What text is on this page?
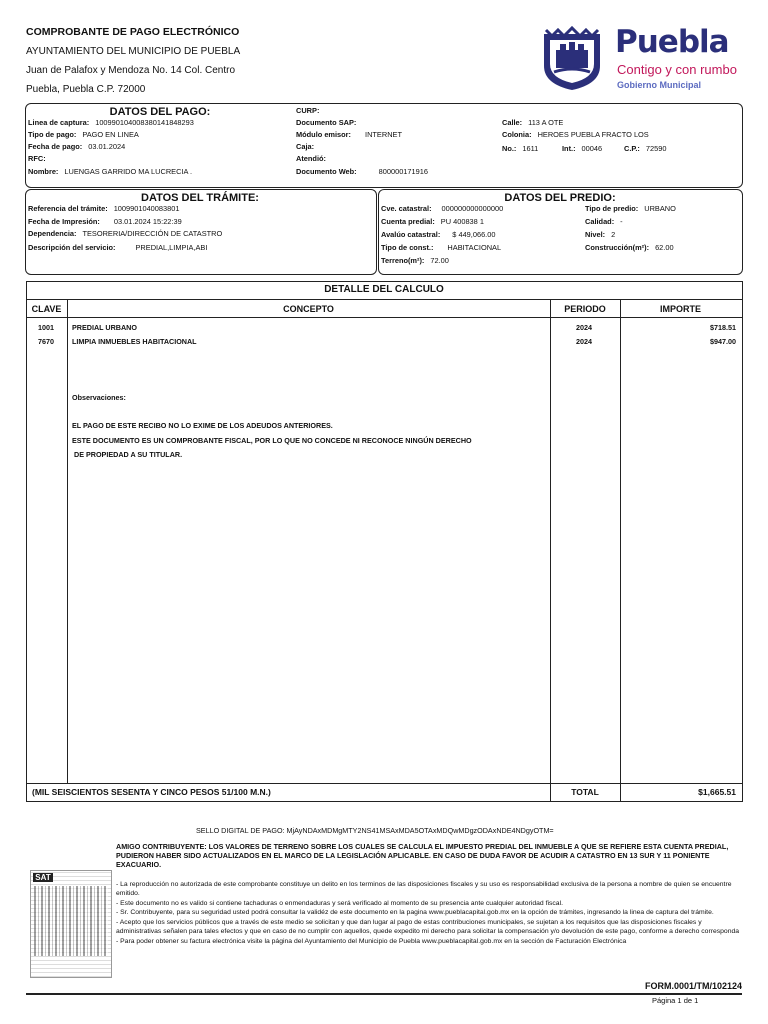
COMPROBANTE DE PAGO ELECTRÓNICO
AYUNTAMIENTO DEL MUNICIPIO DE PUEBLA
Juan de Palafox y Mendoza No. 14 Col. Centro
Puebla, Puebla C.P. 72000
Puebla
Contigo y con rumbo
Gobierno Municipal
DATOS DEL PAGO:
Linea de captura: 100990104008380141848293
Tipo de pago: PAGO EN LINEA
Fecha de pago: 03.01.2024
RFC:
Nombre: LUENGAS GARRIDO MA LUCRECIA .
CURP:
Documento SAP:
Módulo emisor: INTERNET
Caja:
Atendió:
Documento Web:	800000171916
Calle: 113 A OTE
Colonia: HEROES PUEBLA FRACTO LOS
No.: 1611	Int.: 00046	C.P.: 72590
DATOS DEL TRÁMITE:
Referencia del trámite: 1009901040083801
Fecha de Impresión: 03.01.2024 15:22:39
Dependencia: TESORERIA/DIRECCIÓN DE CATASTRO
Descripción del servicio:	PREDIAL,LIMPIA,ABI
DATOS DEL PREDIO:
Cve. catastral: 000000000000000
Cuenta predial: PU 400838 1
Avalúo catastral: $ 449,066.00
Tipo de const.: HABITACIONAL
Terreno(m²): 72.00
Tipo de predio: URBANO
Calidad: -
Nivel: 2
Construcción(m²): 62.00
DETALLE DEL CALCULO
CLAVE	CONCEPTO	PERIODO	IMPORTE
1001	PREDIAL URBANO	2024	$718.51
7670	LIMPIA INMUEBLES HABITACIONAL	2024	$947.00
Observaciones:
EL PAGO DE ESTE RECIBO NO LO EXIME DE LOS ADEUDOS ANTERIORES.
ESTE DOCUMENTO ES UN COMPROBANTE FISCAL, POR LO QUE NO CONCEDE NI RECONOCE NINGÚN DERECHO
DE PROPIEDAD A SU TITULAR.
(MIL SEISCIENTOS SESENTA Y CINCO PESOS 51/100 M.N.)	TOTAL	$1,665.51
SELLO DIGITAL DE PAGO: MjAyNDAxMDMgMTY2NS41MSAxMDA5OTAxMDQwMDgzODAxNDE4NDgyOTM=
AMIGO CONTRIBUYENTE: LOS VALORES DE TERRENO SOBRE LOS CUALES SE CALCULA EL IMPUESTO PREDIAL DEL INMUEBLE A QUE SE REFIERE ESTA CUENTA PREDIAL, PUDIERON HABER SIDO ACTUALIZADOS EN EL MARCO DE LA LEGISLACIÓN APLICABLE. EN CASO DE DUDA FAVOR DE ACUDIR A CATASTRO EN 13 SUR Y 11 PONIENTE EXACUARIO.
SAT

- La reproducción no autorizada de este comprobante constituye un delito en los terminos de las disposiciones fiscales y su uso es responsabilidad exclusiva de la persona a nombre de quien se encuentre emitido.

- Este documento no es valido si contiene tachaduras o enmendaduras y será verificado al momento de su presencia ante cualquier autoridad fiscal.

- Sr. Contribuyente, para su seguridad usted podrá consultar la validéz de este documento en la pagina www.pueblacapital.gob.mx en la opción de trámites, ingresando la linea de captura del trámite.

- Acepto que los servicios públicos que a través de este medio se solicitan y que dan lugar al pago de estas contribuciones municipales, se sujetan a los requisitos que las disposiciones fiscales y administrativas señalen para tales efectos y que en caso de no cumplir con aquellos, quede expedito mi derecho para solicitar la compensación y/o devolución de este pago, conforme a derecho corresponda

- Para poder obtener su factura electrónica visite la página del Ayuntamiento del Municipio de Puebla www.pueblacapital.gob.mx en la sección de Facturación Electrónica

FORM.0001/TM/102124
Página 1 de 1
